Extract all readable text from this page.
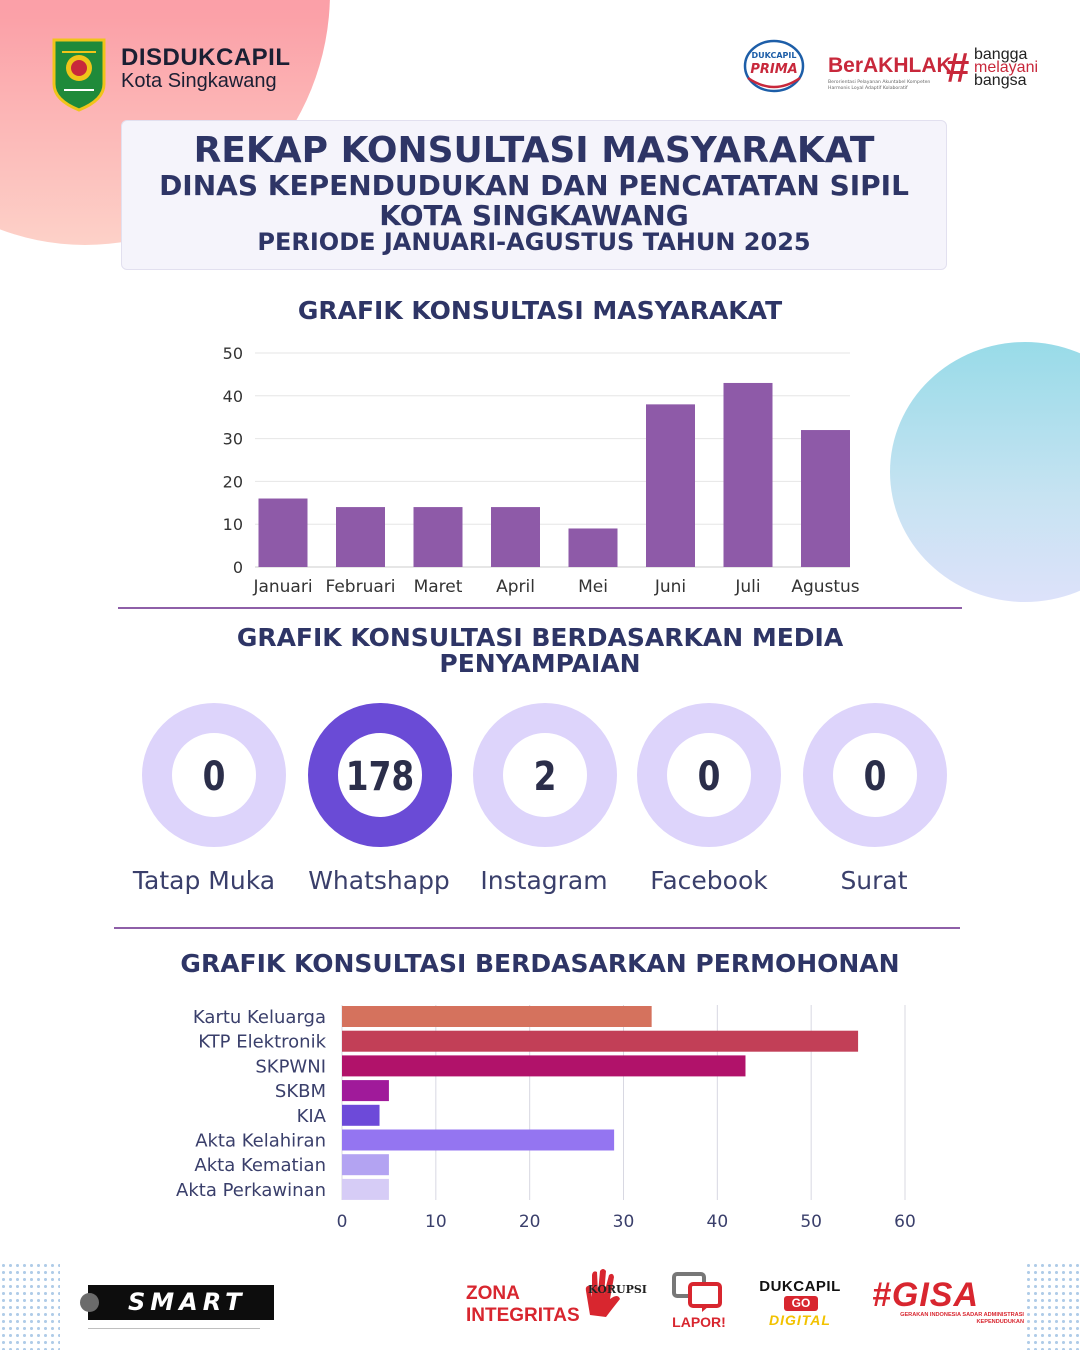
DISDUKCAPIL
Kota Singkawang
DUKCAPIL
PRIMA BerAKHLAK
Berorientasi Pelayanan Akuntabel Kompeten Harmonis Loyal Adaptif Kolaboratif # bangga
melayani
bangsa
REKAP KONSULTASI MASYARAKAT
DINAS KEPENDUDUKAN DAN PENCATATAN SIPIL
KOTA SINGKAWANG
PERIODE JANUARI-AGUSTUS TAHUN 2025
GRAFIK KONSULTASI MASYARAKAT
0
10
20
30
40
50
Januari Februari Maret April	Mei	Juni	Juli Agustus
GRAFIK KONSULTASI BERDASARKAN MEDIA
PENYAMPAIAN
0	178	2	0	0
Tatap Muka	Whatshapp	Instagram	Facebook	Surat
GRAFIK KONSULTASI BERDASARKAN PERMOHONAN
0	10	20	30	40	50	60
Kartu Keluarga
KTP Elektronik
SKPWNI
SKBM
KIA
Akta Kelahiran
Akta Kematian
Akta Perkawinan
SMART	ZONA
INTEGRITAS
KORUPSI
LAPOR!
DUKCAPIL
GO
DIGITAL
#GISA
GERAKAN INDONESIA SADAR ADMINISTRASI KEPENDUDUKAN
